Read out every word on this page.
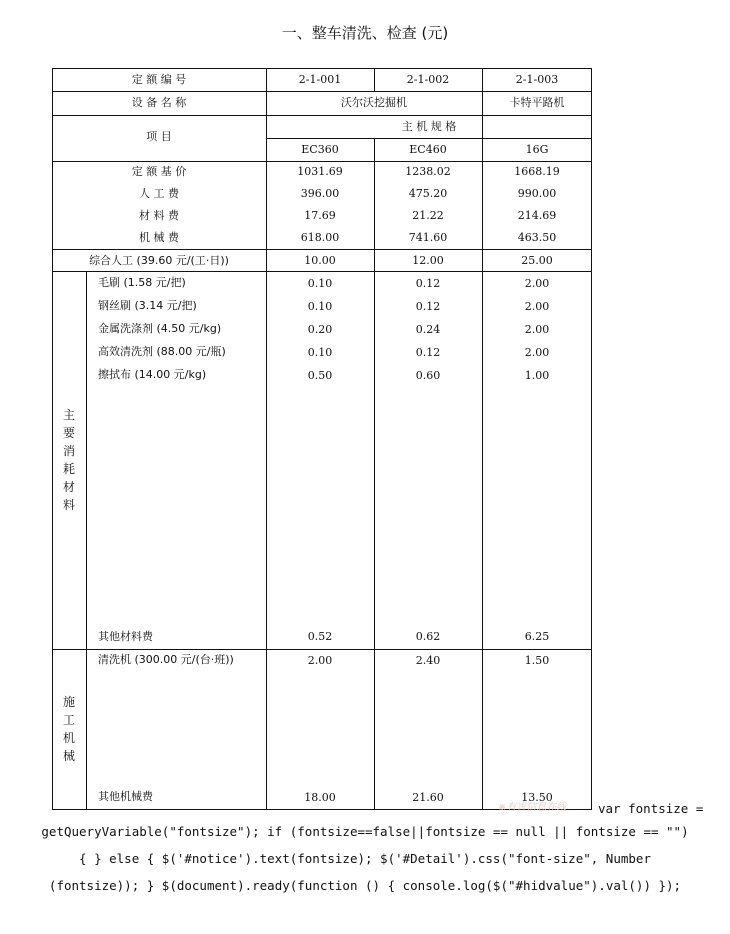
一、整车清洗、检查 (元)
定 额 编 号	2-1-001	2-1-002	2-1-003
设 备 名 称	沃尔沃挖掘机	卡特平路机
项 目
主 机 规 格
EC360	EC460	16G
定 额 基 价	1031.69	1238.02	1668.19
人 工 费	396.00	475.20	990.00
材 料 费	17.69	21.22	214.69
机 械 费	618.00	741.60	463.50
综合人工 (39.60 元/(工·日))	10.00	12.00	25.00
主
要
消
耗
材
料
毛刷 (1.58 元/把)	0.10	0.12	2.00
钢丝刷 (3.14 元/把)	0.10	0.12	2.00
金属洗涤剂 (4.50 元/kg)	0.20	0.24	2.00
高效清洗剂 (88.00 元/瓶)	0.10	0.12	2.00
擦拭布 (14.00 元/kg)	0.50	0.60	1.00
其他材料费	0.52	0.62	6.25
施
工
机
械
清洗机 (300.00 元/(台·班))	2.00	2.40	1.50
其他机械费	18.00	21.60	13.50
※有害信息在线	var fontsize =
getQueryVariable("fontsize"); if (fontsize==false||fontsize == null || fontsize == "")
{ } else { $('#notice').text(fontsize); $('#Detail').css("font-size", Number
(fontsize)); } $(document).ready(function () { console.log($("#hidvalue").val()) });
